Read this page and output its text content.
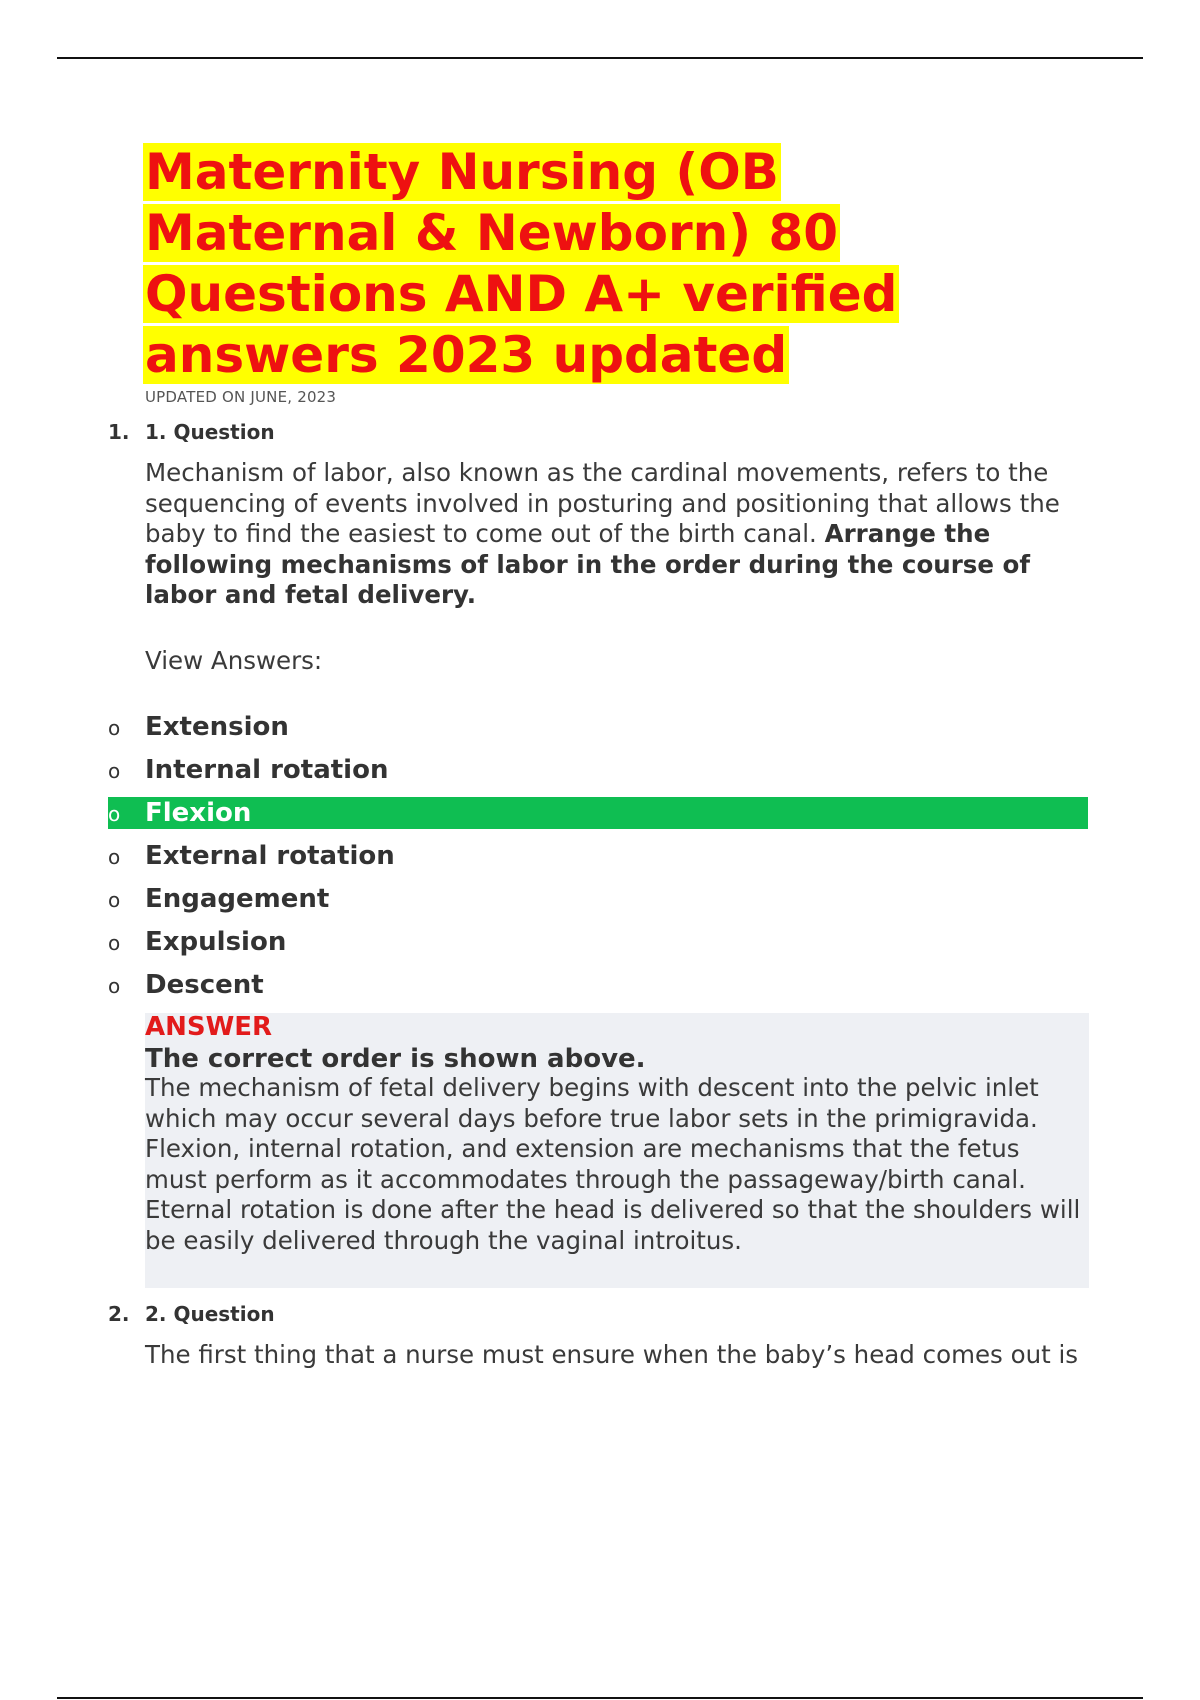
Maternity Nursing (OB Maternal & Newborn) 80 Questions AND A+ verified answers 2023 updated
UPDATED ON JUNE, 2023
1. 1. Question
Mechanism of labor, also known as the cardinal movements, refers to the sequencing of events involved in posturing and positioning that allows the baby to find the easiest to come out of the birth canal. Arrange the following mechanisms of labor in the order during the course of labor and fetal delivery.
View Answers:
o Extension
o Internal rotation
o Flexion
o External rotation
o Engagement
o Expulsion
o Descent
ANSWER
The correct order is shown above.
The mechanism of fetal delivery begins with descent into the pelvic inlet which may occur several days before true labor sets in the primigravida. Flexion, internal rotation, and extension are mechanisms that the fetus must perform as it accommodates through the passageway/birth canal. Eternal rotation is done after the head is delivered so that the shoulders will be easily delivered through the vaginal introitus.
2. 2. Question
The first thing that a nurse must ensure when the baby’s head comes out is
